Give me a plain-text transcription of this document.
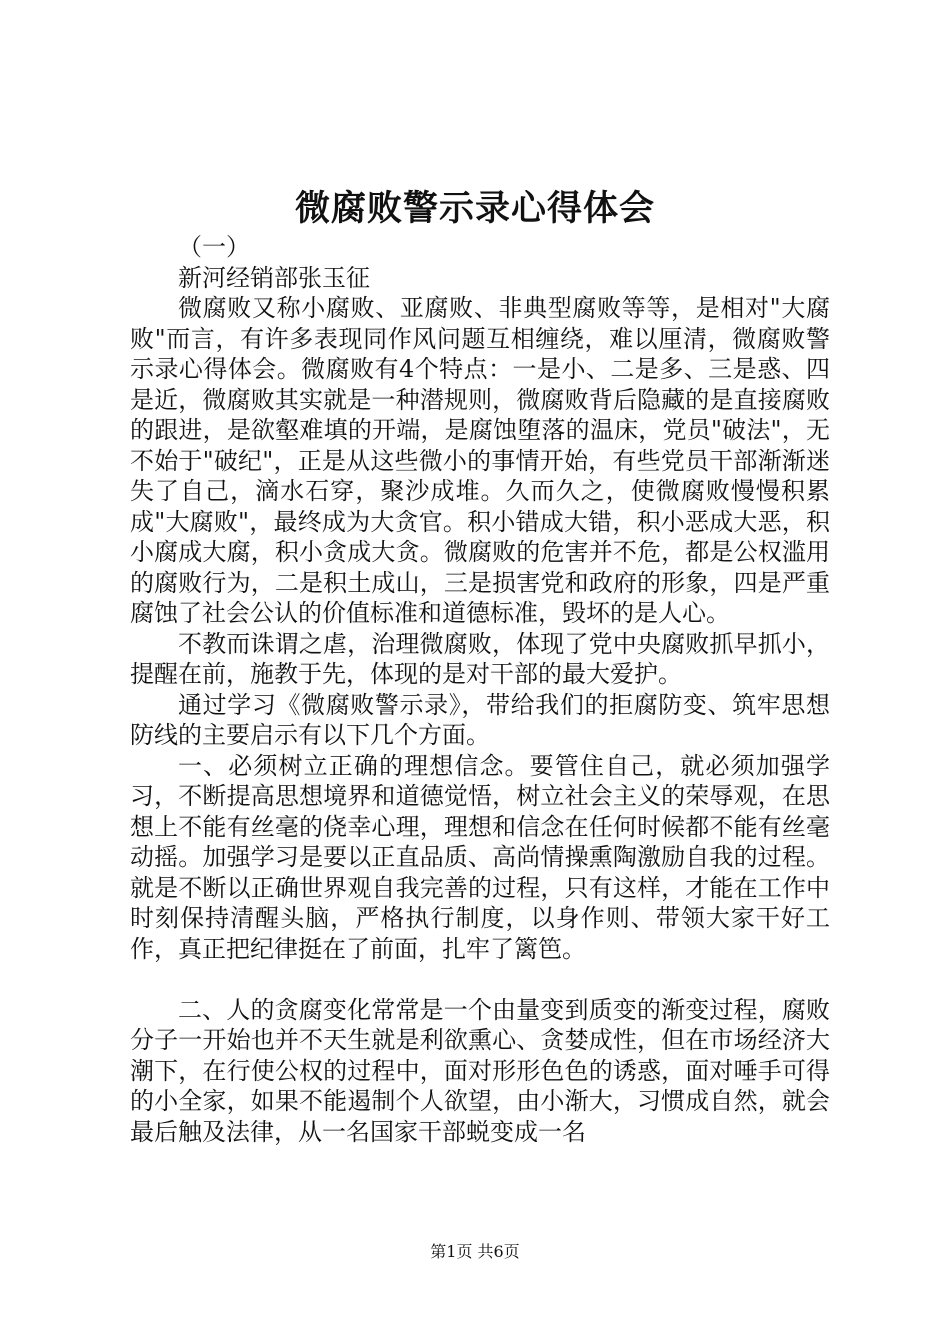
微腐败警示录心得体会

（一）

新河经销部张玉征

微腐败又称小腐败、亚腐败、非典型腐败等等，是相对"大腐败"而言，有许多表现同作风问题互相缠绕，难以厘清，微腐败警示录心得体会。微腐败有4个特点：一是小、二是多、三是惑、四是近，微腐败其实就是一种潜规则，微腐败背后隐藏的是直接腐败的跟进，是欲壑难填的开端，是腐蚀堕落的温床，党员"破法"，无不始于"破纪"，正是从这些微小的事情开始，有些党员干部渐渐迷失了自己，滴水石穿，聚沙成堆。久而久之，使微腐败慢慢积累成"大腐败"，最终成为大贪官。积小错成大错，积小恶成大恶，积小腐成大腐，积小贪成大贪。微腐败的危害并不危，都是公权滥用的腐败行为，二是积土成山，三是损害党和政府的形象，四是严重腐蚀了社会公认的价值标准和道德标准，毁坏的是人心。

不教而诛谓之虐，治理微腐败，体现了党中央腐败抓早抓小，提醒在前，施教于先，体现的是对干部的最大爱护。

通过学习《微腐败警示录》，带给我们的拒腐防变、筑牢思想防线的主要启示有以下几个方面。

一、必须树立正确的理想信念。要管住自己，就必须加强学习，不断提高思想境界和道德觉悟，树立社会主义的荣辱观，在思想上不能有丝毫的侥幸心理，理想和信念在任何时候都不能有丝毫动摇。加强学习是要以正直品质、高尚情操熏陶激励自我的过程。就是不断以正确世界观自我完善的过程，只有这样，才能在工作中时刻保持清醒头脑，严格执行制度，以身作则、带领大家干好工作，真正把纪律挺在了前面，扎牢了篱笆。

二、人的贪腐变化常常是一个由量变到质变的渐变过程，腐败分子一开始也并不天生就是利欲熏心、贪婪成性，但在市场经济大潮下，在行使公权的过程中，面对形形色色的诱惑，面对唾手可得的小全家，如果不能遏制个人欲望，由小渐大，习惯成自然，就会最后触及法律，从一名国家干部蜕变成一名

第1页 共6页
